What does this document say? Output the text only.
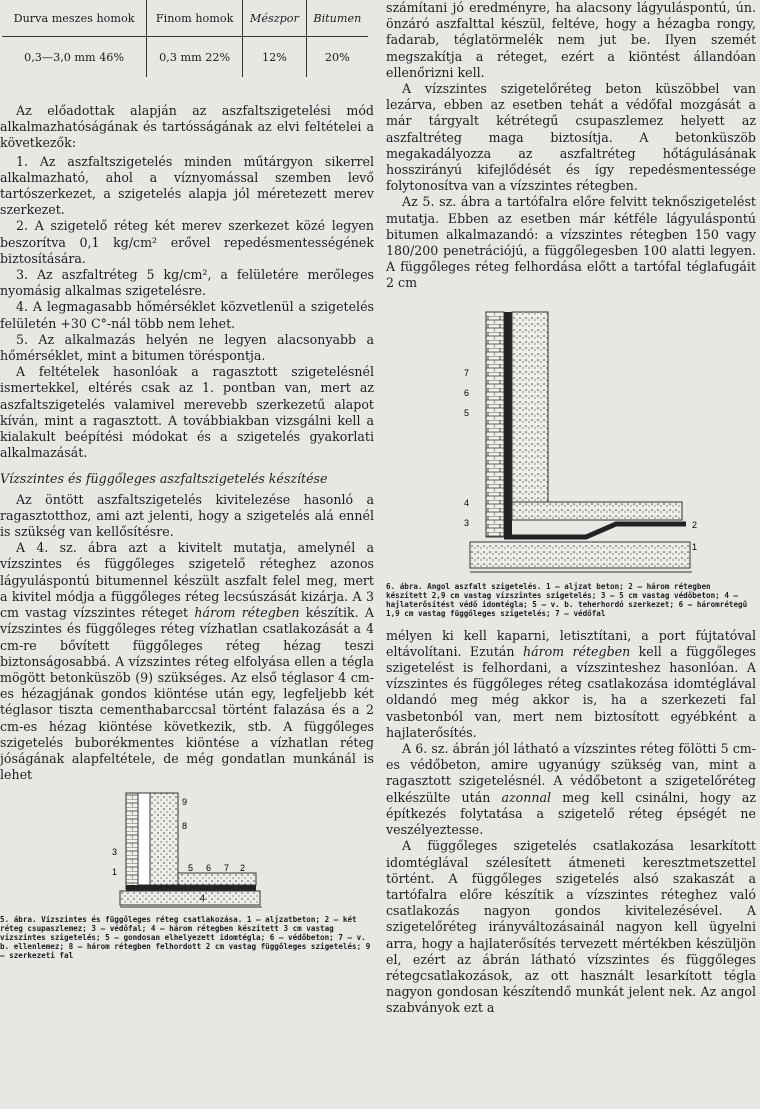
Durva meszes homok	Finom homok	Mészpor	Bitumen
0,3—3,0 mm 46%	0,3 mm 22%	12%	20%

Az előadottak alapján az aszfaltszigetelési mód alkalmazhatóságának és tartósságának az elvi feltételei a következők:

1. Az aszfaltszigetelés minden műtárgyon sikerrel alkalmazható, ahol a víznyomással szemben levő tartószerkezet, a szigetelés alapja jól méretezett merev szerkezet.

2. A szigetelő réteg két merev szerkezet közé legyen beszorítva 0,1 kg/cm² erővel repedésmentességének biztosítására.

3. Az aszfaltréteg 5 kg/cm², a felületére merőleges nyomásig alkalmas szigetelésre.

4. A legmagasabb hőmérséklet közvetlenül a szigetelés felületén +30 C°-nál több nem lehet.

5. Az alkalmazás helyén ne legyen alacsonyabb a hőmérséklet, mint a bitumen töréspontja.

A feltételek hasonlóak a ragasztott szigetelésnél ismertekkel, eltérés csak az 1. pontban van, mert az aszfaltszigetelés valamivel merevebb szerkezetű alapot kíván, mint a ragasztott. A továbbiakban vizsgálni kell a kialakult beépítési módokat és a szigetelés gyakorlati alkalmazását.

Vízszintes és függőleges aszfaltszigetelés készítése

Az öntött aszfaltszigetelés kivitelezése hasonló a ragasztotthoz, ami azt jelenti, hogy a szigetelés alá ennél is szükség van kellősítésre.

A 4. sz. ábra azt a kivitelt mutatja, amelynél a vízszintes és függőleges szigetelő réteghez azonos lágyuláspontú bitumennel készült aszfalt felel meg, mert a kivitel módja a függőleges réteg lecsúszását kizárja. A 3 cm vastag vízszintes réteget három rétegben készítik. A vízszintes és függőleges réteg vízhatlan csatlakozását a 4 cm-re bővített függőleges réteg hézag teszi biztonságosabbá. A vízszintes réteg elfolyása ellen a tégla mögött betonküszöb (9) szükséges. Az első téglasor 4 cm-es hézagjának gondos kiöntése után egy, legfeljebb két téglasor tiszta cementhabarccsal történt falazása és a 2 cm-es hézag kiöntése következik, stb. A függőleges szigetelés buborékmentes kiöntése a vízhatlan réteg jóságának alapfeltétele, de még gondatlan munkánál is lehet

9
8
3
1	5 6 7 2
4

5. ábra. Vízszintes és függőleges réteg csatlakozása. 1 — aljzatbeton; 2 — két réteg csupaszlemez; 3 — védőfal; 4 — három rétegben készített 3 cm vastag vízszintes szigetelés; 5 — gondosan elhelyezett idomtégla; 6 — védőbeton; 7 — v. b. ellenlemez; 8 — három rétegben felhordott 2 cm vastag függőleges szigetelés; 9 — szerkezeti fal

számítani jó eredményre, ha alacsony lágyuláspontú, ún. önzáró aszfalttal készül, feltéve, hogy a hézagba rongy, fadarab, téglatörmelék nem jut be. Ilyen szemét megszakítja a réteget, ezért a kiöntést állandóan ellenőrizni kell.

A vízszintes szigetelőréteg beton küszöbbel van lezárva, ebben az esetben tehát a védőfal mozgását a már tárgyalt kétrétegű csupaszlemez helyett az aszfaltréteg maga biztosítja. A betonküszöb megakadályozza az aszfaltréteg hőtágulásának hosszirányú kifejlődését és így repedésmentessége folytonosítva van a vízszintes rétegben.

Az 5. sz. ábra a tartófalra előre felvitt teknőszigetelést mutatja. Ebben az esetben már kétféle lágyuláspontú bitumen alkalmazandó: a vízszintes rétegben 150 vagy 180/200 penetrációjú, a függőlegesben 100 alatti legyen. A függőleges réteg felhordása előtt a tartófal téglafugáit 2 cm

7
6
5
4
3	2
1

6. ábra. Angol aszfalt szigetelés. 1 — aljzat beton; 2 — három rétegben készített 2,9 cm vastag vízszintes szigetelés; 3 — 5 cm vastag védőbeton; 4 — hajlaterősítést védő idomtégla; 5 — v. b. teherhordó szerkezet; 6 — háromrétegű 1,9 cm vastag függőleges szigetelés; 7 — védőfal

mélyen ki kell kaparni, letisztítani, a port fújtatóval eltávolítani. Ezután három rétegben kell a függőleges szigetelést is felhordani, a vízszinteshez hasonlóan. A vízszintes és függőleges réteg csatlakozása idomtéglával oldandó meg még akkor is, ha a szerkezeti fal vasbetonból van, mert nem biztosított egyébként a hajlaterősítés.

A 6. sz. ábrán jól látható a vízszintes réteg fölötti 5 cm-es védőbeton, amire ugyanúgy szükség van, mint a ragasztott szigetelésnél. A védőbetont a szigetelőréteg elkészülte után azonnal meg kell csinálni, hogy az építkezés folytatása a szigetelő réteg épségét ne veszélyeztesse.

A függőleges szigetelés csatlakozása lesarkított idomtéglával szélesített átmeneti keresztmetszettel történt. A függőleges szigetelés alsó szakaszát a tartófalra előre készítik a vízszintes réteghez való csatlakozás nagyon gondos kivitelezésével. A szigetelőréteg irányváltozásainál nagyon kell ügyelni arra, hogy a hajlaterősítés tervezett mértékben készüljön el, ezért az ábrán látható vízszintes és függőleges rétegcsatlakozások, az ott használt lesarkított tégla nagyon gondosan készítendő munkát jelent nek. Az angol szabványok ezt a
